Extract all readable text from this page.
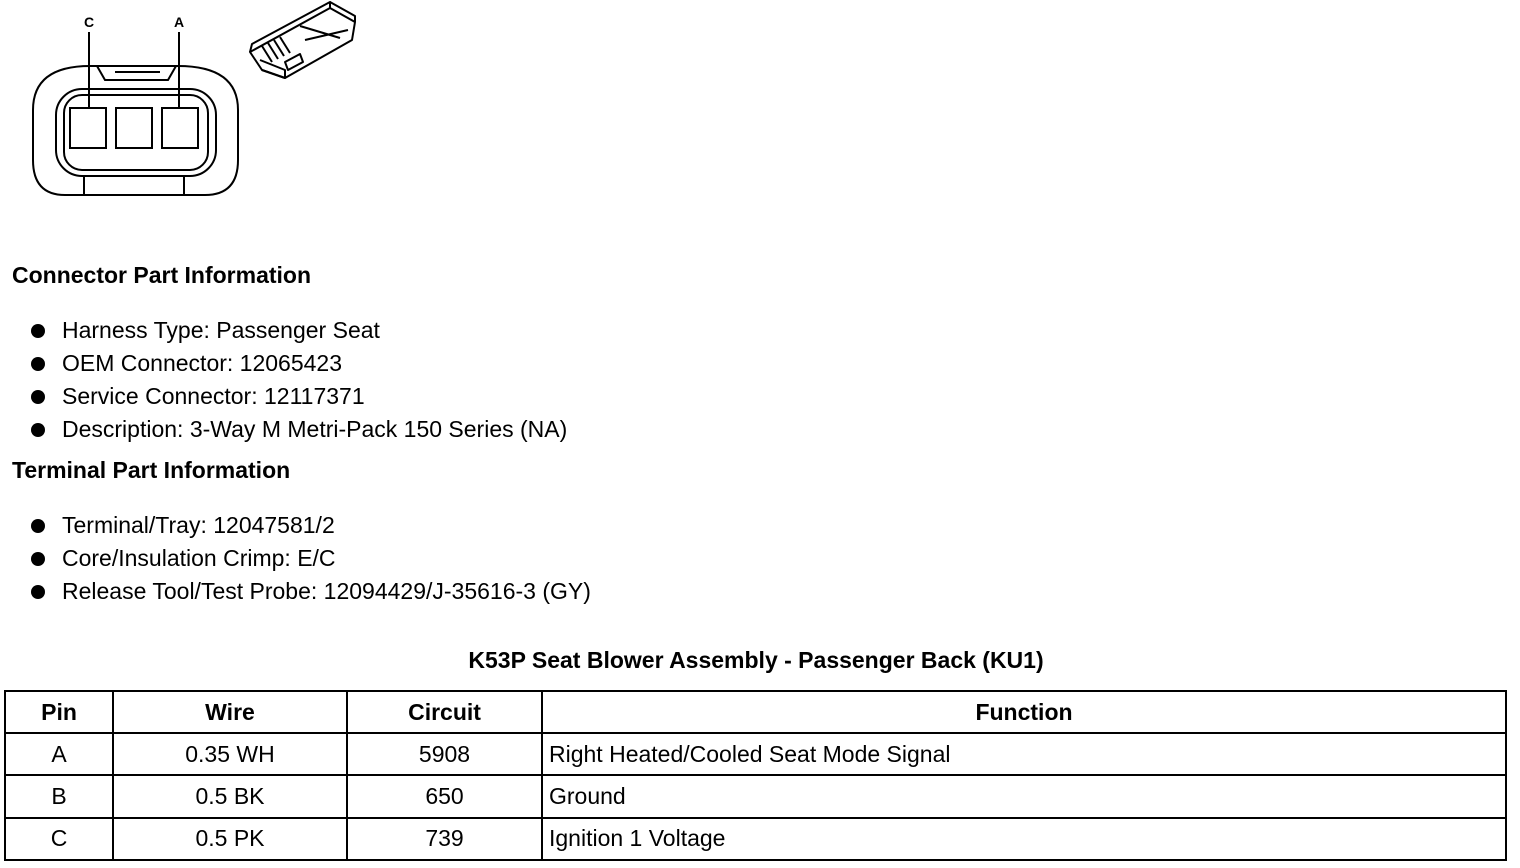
C	A
Connector Part Information
Harness Type: Passenger Seat
OEM Connector: 12065423
Service Connector: 12117371
Description: 3-Way M Metri-Pack 150 Series (NA)
Terminal Part Information
Terminal/Tray: 12047581/2
Core/Insulation Crimp: E/C
Release Tool/Test Probe: 12094429/J-35616-3 (GY)
K53P Seat Blower Assembly - Passenger Back (KU1)
Pin	Wire	Circuit	Function
A	0.35 WH	5908	Right Heated/Cooled Seat Mode Signal
B	0.5 BK	650	Ground
C	0.5 PK	739	Ignition 1 Voltage
